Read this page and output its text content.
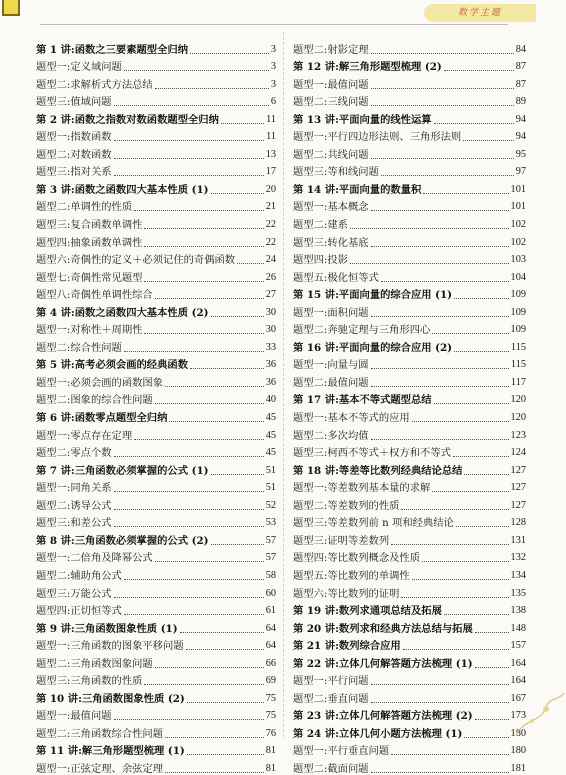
数学主题
第 1 讲:函数之三要素题型全归纳	3
题型一:定义域问题	3
题型二:求解析式方法总结	3
题型三:值域问题	6
第 2 讲:函数之指数对数函数题型全归纳	11
题型一:指数函数	11
题型二:对数函数	13
题型三:指对关系	17
第 3 讲:函数之函数四大基本性质 (1)	20
题型二:单调性的性质	21
题型三:复合函数单调性	22
题型四:抽象函数单调性	22
题型六:奇偶性的定义＋必须记住的奇偶函数	24
题型七:奇偶性常见题型	26
题型八:奇偶性单调性综合	27
第 4 讲:函数之函数四大基本性质 (2)	30
题型一:对称性＋周期性	30
题型二:综合性问题	33
第 5 讲:高考必须会画的经典函数	36
题型一:必须会画的函数图象	36
题型二:图象的综合性问题	40
第 6 讲:函数零点题型全归纳	45
题型一:零点存在定理	45
题型二:零点个数	45
第 7 讲:三角函数必须掌握的公式 (1)	51
题型一:同角关系	51
题型二:诱导公式	52
题型三:和差公式	53
第 8 讲:三角函数必须掌握的公式 (2)	57
题型一:二倍角及降幂公式	57
题型二:辅助角公式	58
题型三:万能公式	60
题型四:正切恒等式	61
第 9 讲:三角函数图象性质 (1)	64
题型一:三角函数的图象平移问题	64
题型二:三角函数图象问题	66
题型三:三角函数的性质	69
第 10 讲:三角函数图象性质 (2)	75
题型一:最值问题	75
题型二:三角函数综合性问题	76
第 11 讲:解三角形题型梳理 (1)	81
题型一:正弦定理、余弦定理	81
题型二:射影定理	84
第 12 讲:解三角形题型梳理 (2)	87
题型一:最值问题	87
题型二:三线问题	89
第 13 讲:平面向量的线性运算	94
题型一:平行四边形法则、三角形法则	94
题型二:共线问题	95
题型三:等和线问题	97
第 14 讲:平面向量的数量积	101
题型一:基本概念	101
题型二:建系	102
题型三:转化基底	102
题型四:投影	103
题型五:极化恒等式	104
第 15 讲:平面向量的综合应用 (1)	109
题型一:面积问题	109
题型二:奔驰定理与三角形四心	109
第 16 讲:平面向量的综合应用 (2)	115
题型一:向量与圆	115
题型二:最值问题	117
第 17 讲:基本不等式题型总结	120
题型一:基本不等式的应用	120
题型二:多次均值	123
题型三:柯西不等式＋权方和不等式	124
第 18 讲:等差等比数列经典结论总结	127
题型一:等差数列基本量的求解	127
题型二:等差数列的性质	127
题型三:等差数列前 n 项和经典结论	128
题型三:证明等差数列	131
题型四:等比数列概念及性质	132
题型五:等比数列的单调性	134
题型六:等比数列的证明	135
第 19 讲:数列求通项总结及拓展	138
第 20 讲:数列求和经典方法总结与拓展	148
第 21 讲:数列综合应用	157
第 22 讲:立体几何解答题方法梳理 (1)	164
题型一:平行问题	164
题型二:垂直问题	167
第 23 讲:立体几何解答题方法梳理 (2)	173
第 24 讲:立体几何小题方法梳理 (1)	180
题型一:平行垂直问题	180
题型二:截面问题	181
